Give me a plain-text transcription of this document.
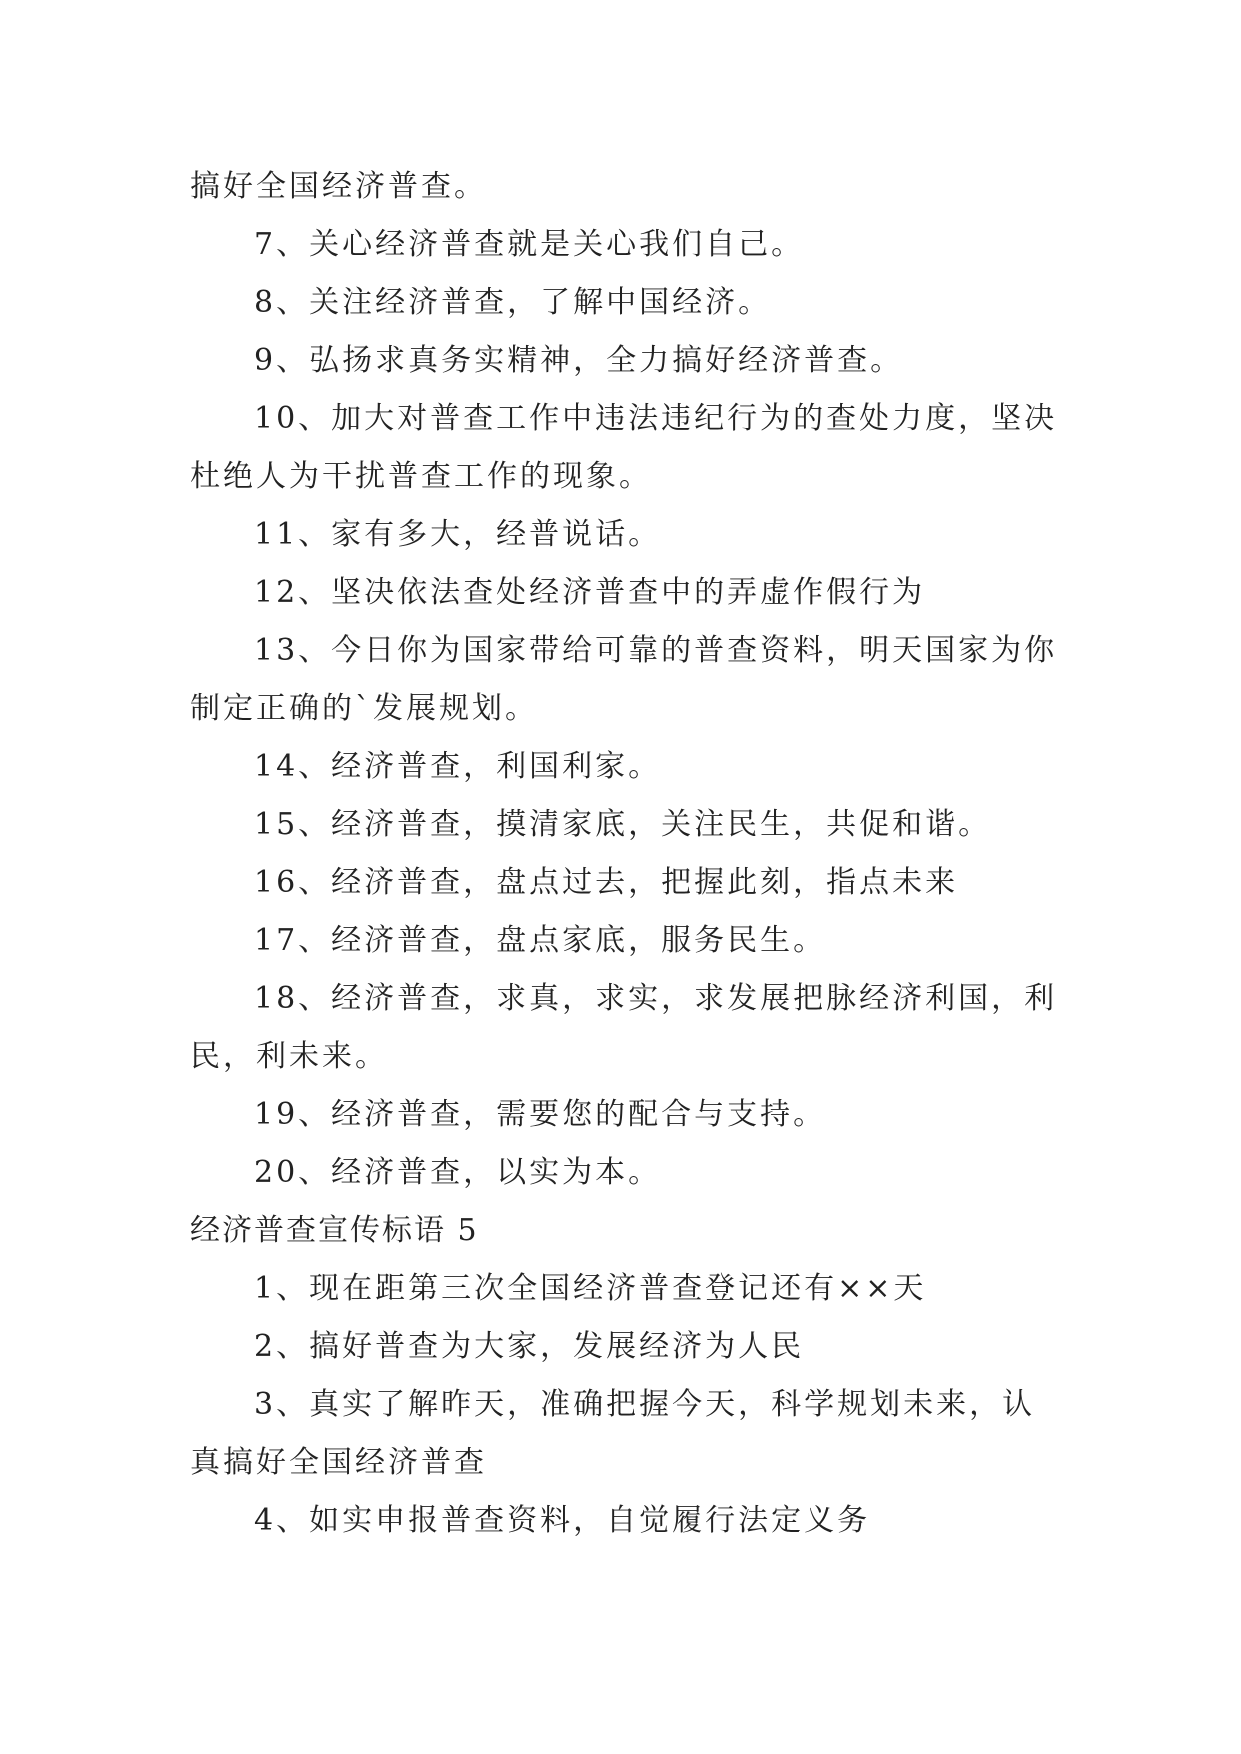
搞好全国经济普查。
7、关心经济普查就是关心我们自己。
8、关注经济普查，了解中国经济。
9、弘扬求真务实精神，全力搞好经济普查。
10、加大对普查工作中违法违纪行为的查处力度，坚决
杜绝人为干扰普查工作的现象。
11、家有多大，经普说话。
12、坚决依法查处经济普查中的弄虚作假行为
13、今日你为国家带给可靠的普查资料，明天国家为你
制定正确的`发展规划。
14、经济普查，利国利家。
15、经济普查，摸清家底，关注民生，共促和谐。
16、经济普查，盘点过去，把握此刻，指点未来
17、经济普查，盘点家底，服务民生。
18、经济普查，求真，求实，求发展把脉经济利国，利
民，利未来。
19、经济普查，需要您的配合与支持。
20、经济普查，以实为本。
经济普查宣传标语 5
1、现在距第三次全国经济普查登记还有××天
2、搞好普查为大家，发展经济为人民
3、真实了解昨天，准确把握今天，科学规划未来，认
真搞好全国经济普查
4、如实申报普查资料，自觉履行法定义务
